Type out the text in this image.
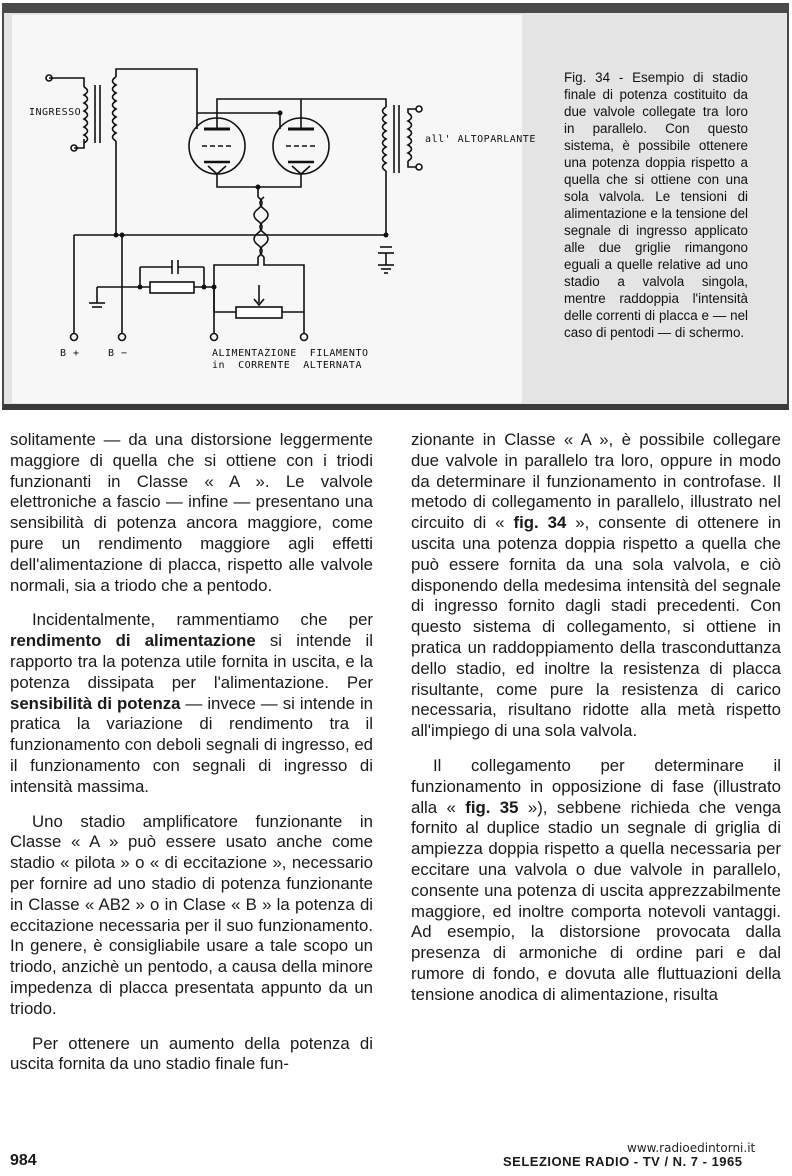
INGRESSO
all' ALTOPARLANTE
B +	B −	ALIMENTAZIONE  FILAMENTO
in  CORRENTE  ALTERNATA
Fig. 34 - Esempio di stadio finale di potenza costituito da due valvole collegate tra loro in parallelo. Con questo sistema, è possibile ottenere una potenza doppia rispetto a quella che si ottiene con una sola valvola. Le tensioni di alimentazione e la tensione del segnale di ingresso applicato alle due griglie rimangono eguali a quelle relative ad uno stadio a valvola singola, mentre raddoppia l'intensità delle correnti di placca e — nel caso di pentodi — di schermo.

solitamente — da una distorsione leggermente maggiore di quella che si ottiene con i triodi funzionanti in Classe « A ». Le valvole elettroniche a fascio — infine — presentano una sensibilità di potenza ancora maggiore, come pure un rendimento maggiore agli effetti dell'alimentazione di placca, rispetto alle valvole normali, sia a triodo che a pentodo.

Incidentalmente, rammentiamo che per rendimento di alimentazione si intende il rapporto tra la potenza utile fornita in uscita, e la potenza dissipata per l'alimentazione. Per sensibilità di potenza — invece — si intende in pratica la variazione di rendimento tra il funzionamento con deboli segnali di ingresso, ed il funzionamento con segnali di ingresso di intensità massima.

Uno stadio amplificatore funzionante in Classe « A » può essere usato anche come stadio « pilota » o « di eccitazione », necessario per fornire ad uno stadio di potenza funzionante in Classe « AB2 » o in Clase « B » la potenza di eccitazione necessaria per il suo funzionamento. In genere, è consigliabile usare a tale scopo un triodo, anzichè un pentodo, a causa della minore impedenza di placca presentata appunto da un triodo.

Per ottenere un aumento della potenza di uscita fornita da uno stadio finale fun-

zionante in Classe « A », è possibile collegare due valvole in parallelo tra loro, oppure in modo da determinare il funzionamento in controfase. Il metodo di collegamento in parallelo, illustrato nel circuito di « fig. 34 », consente di ottenere in uscita una potenza doppia rispetto a quella che può essere fornita da una sola valvola, e ciò disponendo della medesima intensità del segnale di ingresso fornito dagli stadi precedenti. Con questo sistema di collegamento, si ottiene in pratica un raddoppiamento della trasconduttanza dello stadio, ed inoltre la resistenza di placca risultante, come pure la resistenza di carico necessaria, risultano ridotte alla metà rispetto all'impiego di una sola valvola.

Il collegamento per determinare il funzionamento in opposizione di fase (illustrato alla « fig. 35 »), sebbene richieda che venga fornito al duplice stadio un segnale di griglia di ampiezza doppia rispetto a quella necessaria per eccitare una valvola o due valvole in parallelo, consente una potenza di uscita apprezzabilmente maggiore, ed inoltre comporta notevoli vantaggi. Ad esempio, la distorsione provocata dalla presenza di armoniche di ordine pari e dal rumore di fondo, e dovuta alle fluttuazioni della tensione anodica di alimentazione, risulta

984
www.radioedintorni.it
SELEZIONE RADIO - TV / N. 7 - 1965
